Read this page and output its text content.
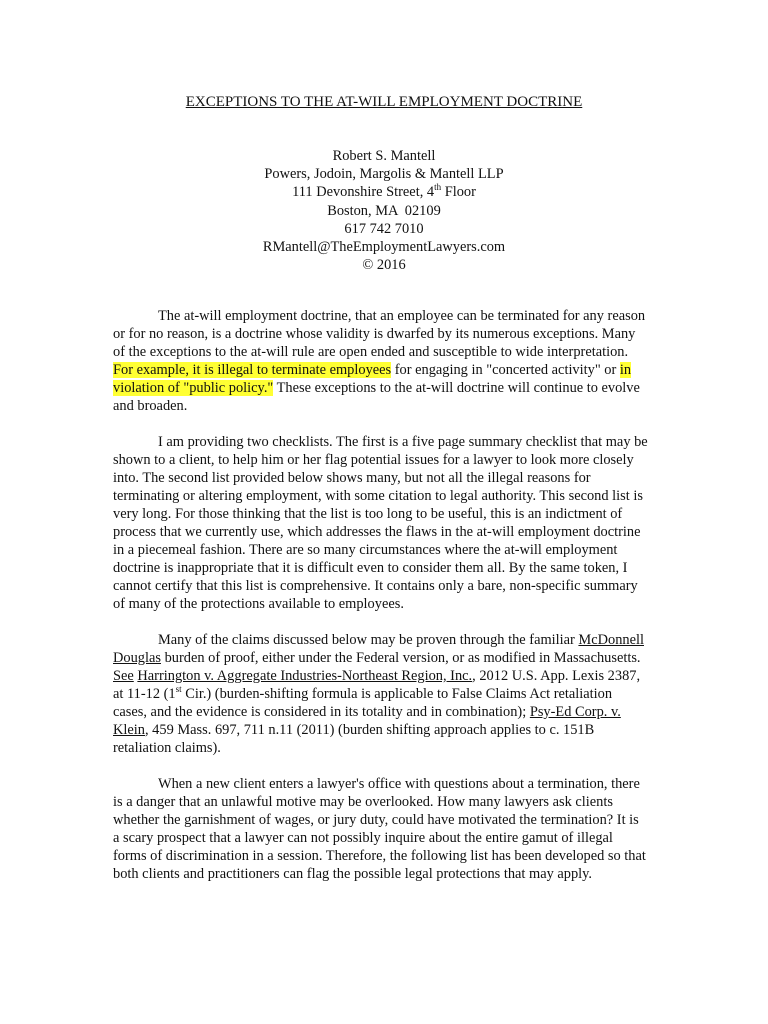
EXCEPTIONS TO THE AT-WILL EMPLOYMENT DOCTRINE
Robert S. Mantell
Powers, Jodoin, Margolis & Mantell LLP
111 Devonshire Street, 4th Floor
Boston, MA  02109
617 742 7010
RMantell@TheEmploymentLawyers.com
© 2016

The at-will employment doctrine, that an employee can be terminated for any reason or for no reason, is a doctrine whose validity is dwarfed by its numerous exceptions. Many of the exceptions to the at-will rule are open ended and susceptible to wide interpretation. For example, it is illegal to terminate employees for engaging in "concerted activity" or in violation of "public policy." These exceptions to the at-will doctrine will continue to evolve and broaden.

I am providing two checklists. The first is a five page summary checklist that may be shown to a client, to help him or her flag potential issues for a lawyer to look more closely into. The second list provided below shows many, but not all the illegal reasons for terminating or altering employment, with some citation to legal authority. This second list is very long. For those thinking that the list is too long to be useful, this is an indictment of process that we currently use, which addresses the flaws in the at-will employment doctrine in a piecemeal fashion. There are so many circumstances where the at-will employment doctrine is inappropriate that it is difficult even to consider them all. By the same token, I cannot certify that this list is comprehensive. It contains only a bare, non-specific summary of many of the protections available to employees.

Many of the claims discussed below may be proven through the familiar McDonnell Douglas burden of proof, either under the Federal version, or as modified in Massachusetts. See Harrington v. Aggregate Industries-Northeast Region, Inc., 2012 U.S. App. Lexis 2387, at 11-12 (1st Cir.) (burden-shifting formula is applicable to False Claims Act retaliation cases, and the evidence is considered in its totality and in combination); Psy-Ed Corp. v. Klein, 459 Mass. 697, 711 n.11 (2011) (burden shifting approach applies to c. 151B retaliation claims).

When a new client enters a lawyer's office with questions about a termination, there is a danger that an unlawful motive may be overlooked. How many lawyers ask clients whether the garnishment of wages, or jury duty, could have motivated the termination? It is a scary prospect that a lawyer can not possibly inquire about the entire gamut of illegal forms of discrimination in a session. Therefore, the following list has been developed so that both clients and practitioners can flag the possible legal protections that may apply.
